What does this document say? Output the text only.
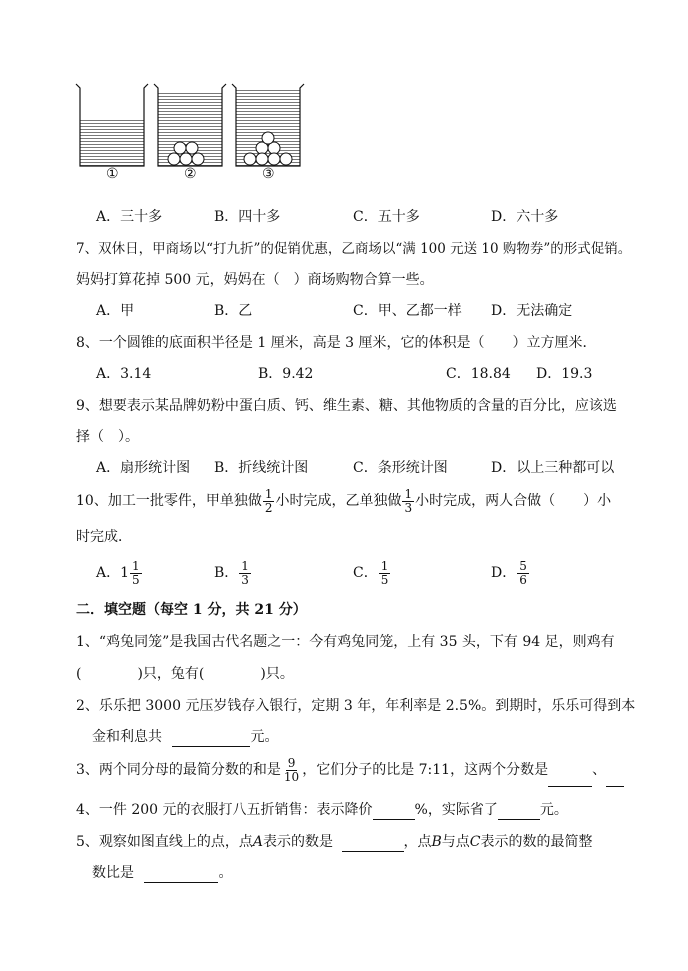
①	②	③
A．三十多	B．四十多	C．五十多	D．六十多
7、双休日，甲商场以“打九折”的促销优惠，乙商场以“满 100 元送 10 购物券”的形式促销。
妈妈打算花掉 500 元，妈妈在（　）商场购物合算一些。
A．甲	B．乙	C．甲、乙都一样 D．无法确定
8、一个圆锥的底面积半径是 1 厘米，高是 3 厘米，它的体积是（　　）立方厘米．
A．3.14	B．9.42	C．18.84 D．19.3
9、想要表示某品牌奶粉中蛋白质、钙、维生素、糖、其他物质的含量的百分比，应该选
择（　）。
A．扇形统计图 B．折线统计图	C．条形统计图	D．以上三种都可以
10、加工一批零件，甲单独做 $\frac{1}{2}$ 小时完成，乙单独做 $\frac{1}{3}$ 小时完成，两人合做（　　）小
时完成．
A．$1 \frac{1}{5}$	B． $\frac{1}{3}$	C． $\frac{1}{5}$	D． $\frac{5}{6}$
二．填空题（每空 1 分，共 21 分）
1、“鸡兔同笼”是我国古代名题之一：今有鸡兔同笼，上有 35 头，下有 94 足，则鸡有
(　　　　)只，兔有(　　　　)只。
2、乐乐把 3000 元压岁钱存入银行，定期 3 年，年利率是 2.5%。到期时，乐乐可得到本
金和利息共	元。
3、两个同分母的最简分数的和是 $\frac{9}{10}$ ，它们分子的比是 7:11，这两个分数是	、
4、一件 200 元的衣服打八五折销售：表示降价	%，实际省了	元。
5、观察如图直线上的点，点A表示的数是	，点B与点C表示的数的最简整
数比是	。
